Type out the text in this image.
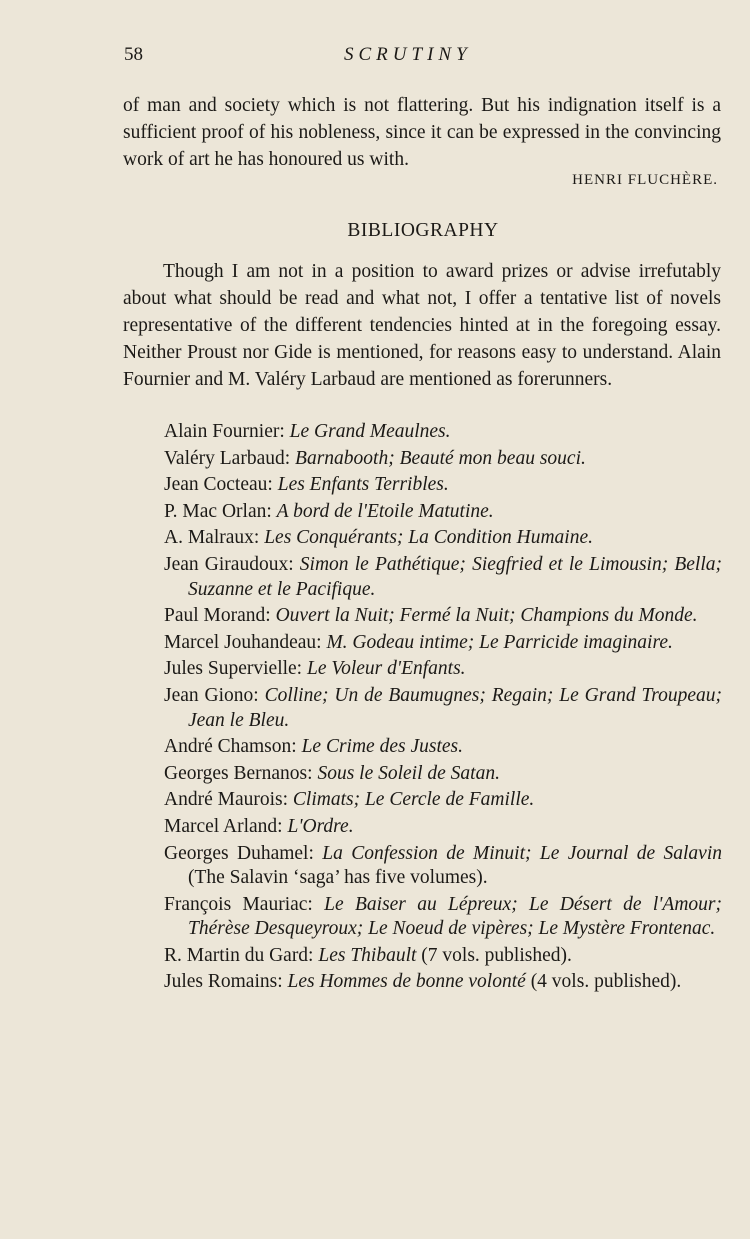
58	SCRUTINY

of man and society which is not flattering. But his indignation itself is a sufficient proof of his nobleness, since it can be expressed in the convincing work of art he has honoured us with.

HENRI FLUCHÈRE.
BIBLIOGRAPHY

Though I am not in a position to award prizes or advise irrefutably about what should be read and what not, I offer a tentative list of novels representative of the different tendencies hinted at in the foregoing essay. Neither Proust nor Gide is mentioned, for reasons easy to understand. Alain Fournier and M. Valéry Larbaud are mentioned as forerunners.

Alain Fournier: Le Grand Meaulnes.
Valéry Larbaud: Barnabooth; Beauté mon beau souci.
Jean Cocteau: Les Enfants Terribles.
P. Mac Orlan: A bord de l'Etoile Matutine.
A. Malraux: Les Conquérants; La Condition Humaine.
Jean Giraudoux: Simon le Pathétique; Siegfried et le Limousin; Bella; Suzanne et le Pacifique.
Paul Morand: Ouvert la Nuit; Fermé la Nuit; Champions du Monde.
Marcel Jouhandeau: M. Godeau intime; Le Parricide imaginaire.
Jules Supervielle: Le Voleur d'Enfants.
Jean Giono: Colline; Un de Baumugnes; Regain; Le Grand Troupeau; Jean le Bleu.
André Chamson: Le Crime des Justes.
Georges Bernanos: Sous le Soleil de Satan.
André Maurois: Climats; Le Cercle de Famille.
Marcel Arland: L'Ordre.
Georges Duhamel: La Confession de Minuit; Le Journal de Salavin (The Salavin ‘saga’ has five volumes).
François Mauriac: Le Baiser au Lépreux; Le Désert de l'Amour; Thérèse Desqueyroux; Le Noeud de vipères; Le Mystère Frontenac.
R. Martin du Gard: Les Thibault (7 vols. published).
Jules Romains: Les Hommes de bonne volonté (4 vols. published).
